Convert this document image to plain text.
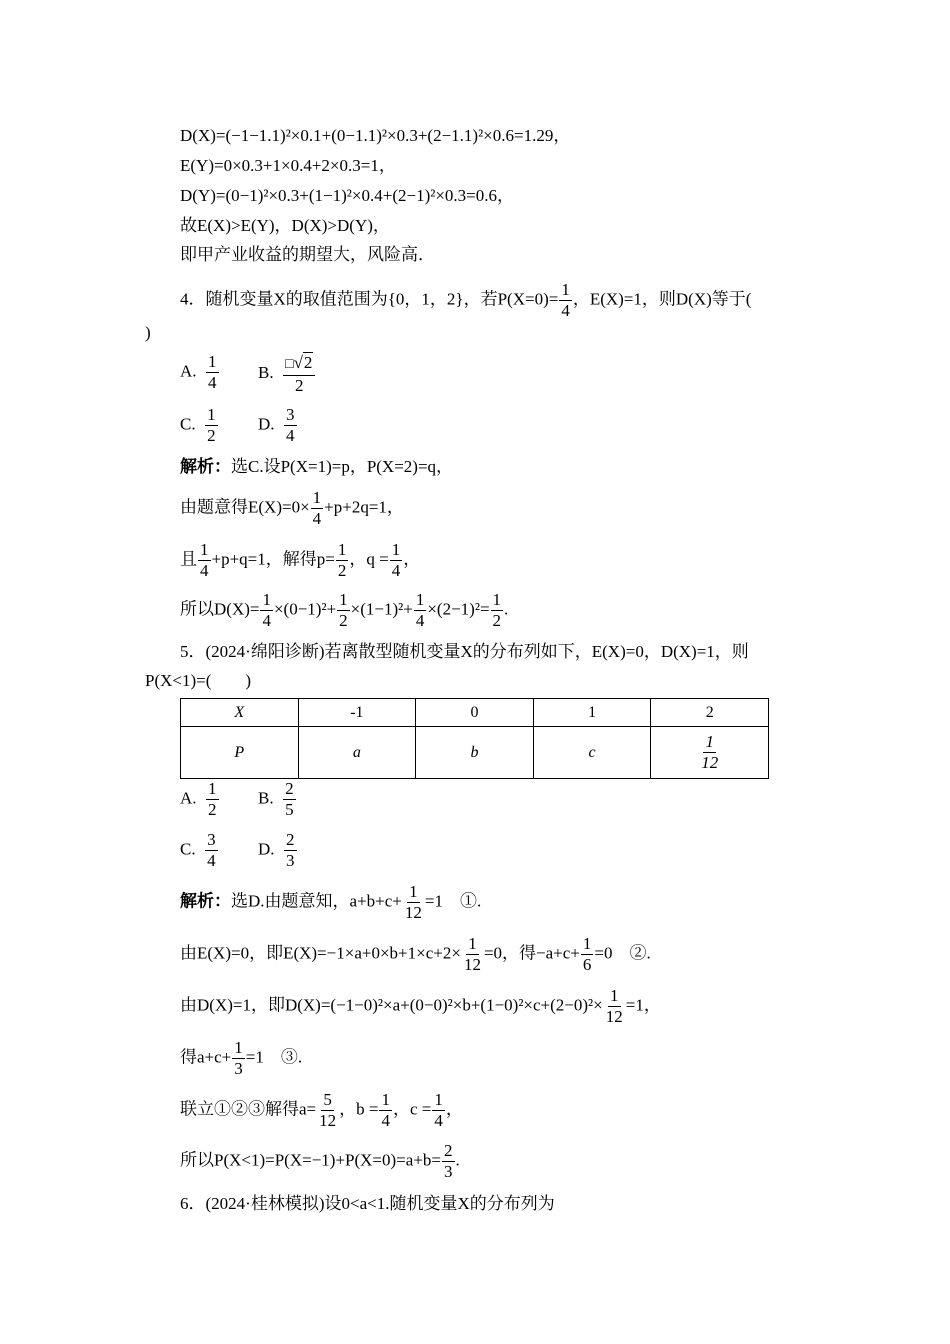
D(X)=(−1−1.1)²×0.1+(0−1.1)²×0.3+(2−1.1)²×0.6=1.29，
E(Y)=0×0.3+1×0.4+2×0.3=1，
D(Y)=(0−1)²×0.3+(1−1)²×0.4+(2−1)²×0.3=0.6，
故E(X)>E(Y)，D(X)>D(Y)，
即甲产业收益的期望大，风险高．
4．随机变量X的取值范围为{0，1，2}，若$P(X=0)= \frac{1}{4}$ ，E(X)=1，则D(X)等于(
)
A. $\frac{1}{4} B$. $\frac{□√2}{2}$
C. $\frac{1}{2} D$. $\frac{3}{4}$
解析：选C.设P(X=1)=p，P(X=2)=q，
由题意得$E(X)=0\times \frac{1}{4} +p+2q=1$，
且 $\frac{1}{4} +p+q=1$，解得$p= \frac{1}{2}$ ，$q = \frac{1}{4}$ ，
所以$D(X)= \frac{1}{4} \times(0-1)^2+ \frac{1}{2} \times(1-1)^2+ \frac{1}{4} \times(2-1)^2= \frac{1}{2}$ .
5．(2024·绵阳诊断)若离散型随机变量X的分布列如下，E(X)=0，D(X)=1，则
P(X<1)=(　　)
X	-1	0	1	2
P	a	b	c	$\frac{1}{12}$
A. $\frac{1}{2} B$. $\frac{2}{5}$
C. $\frac{3}{4} D$. $\frac{2}{3}$
解析：选D.由题意知，$a+b+c+ \frac{1}{12} =1$　①.
由E(X)=0，即$E(X)=-1\times a+0\times b+1\times c+2\times \frac{1}{12} =0$，得$-a+c+ \frac{1}{6} =0$　②.
由D(X)=1，即$D(X)=(-1-0)^2\times a+(0-0)^2\times b+(1-0)^2\times c+(2-0)^2\times \frac{1}{12} =1$，
得$a+c+ \frac{1}{3} =1$　③.
联立①②③解得$a= \frac{5}{12}$ ，$b = \frac{1}{4}$ ，$c = \frac{1}{4}$ ，
所以$P(X<1)=P(X=-1)+P(X=0)=a+b= \frac{2}{3}$ .
6．(2024·桂林模拟)设0<a<1.随机变量X的分布列为
